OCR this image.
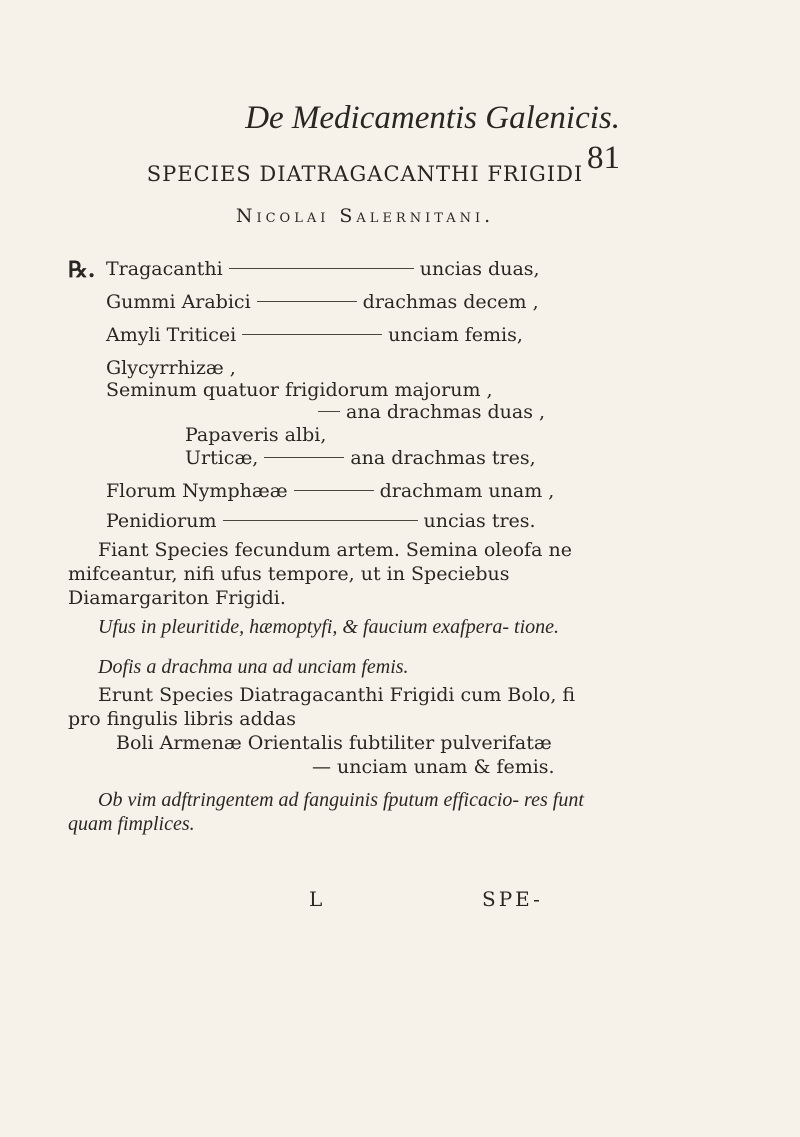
De Medicamentis Galenicis. 81
SPECIES DIATRAGACANTHI FRIGIDI
Nicolai Salernitani.
℞. Tragacanthi	uncias duas,
Gummi Arabici	drachmas decem ,
Amyli Triticei	unciam femis,
Glycyrrhizæ ,
Seminum quatuor frigidorum majorum ,
ana drachmas duas ,
Papaveris albi,
Urticæ,	ana drachmas tres,
Florum Nymphææ	drachmam unam ,
Penidiorum	uncias tres.
Fiant Species fecundum artem. Semina oleofa ne mifceantur, nifi ufus tempore, ut in Speciebus Diamargariton Frigidi.
Ufus in pleuritide, hæmoptyfi, & faucium exafpera- tione.
Dofis a drachma una ad unciam femis.
Erunt Species Diatragacanthi Frigidi cum Bolo, fi pro fingulis libris addas
Boli Armenæ Orientalis fubtiliter pulverifatæ
— unciam unam & femis.
Ob vim adftringentem ad fanguinis fputum efficacio- res funt quam fimplices.
L	SPE-
